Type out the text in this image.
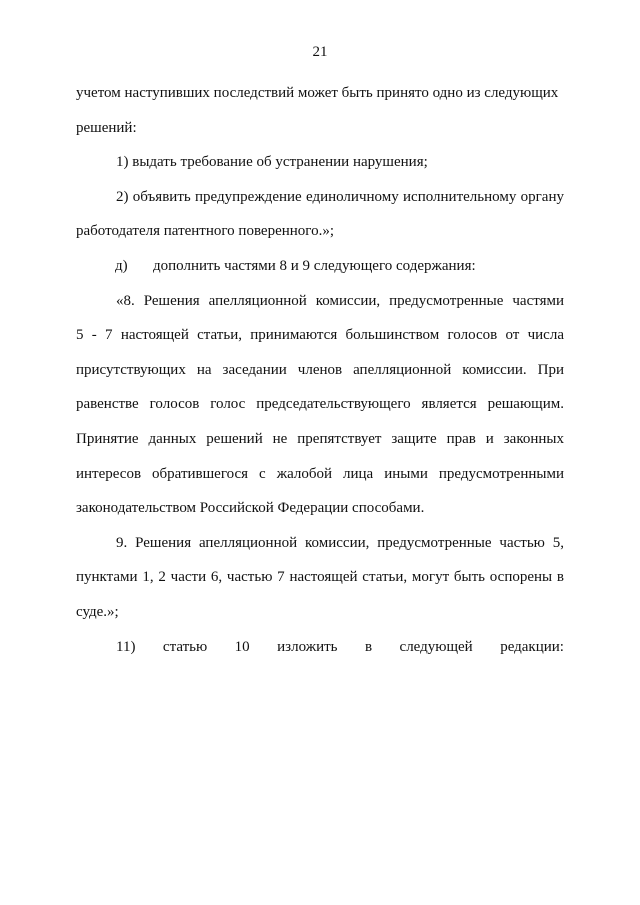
21
учетом наступивших последствий может быть принято одно из следующих
решений:
1) выдать требование об устранении нарушения;
2) объявить предупреждение единоличному исполнительному органу
работодателя патентного поверенного.»;
д)	дополнить частями 8 и 9 следующего содержания:
«8. Решения апелляционной комиссии, предусмотренные частями
5 - 7 настоящей статьи, принимаются большинством голосов от числа
присутствующих на заседании членов апелляционной комиссии. При
равенстве голосов голос председательствующего является решающим.
Принятие данных решений не препятствует защите прав и законных
интересов обратившегося с жалобой лица иными предусмотренными
законодательством Российской Федерации способами.
9. Решения апелляционной комиссии, предусмотренные частью 5,
пунктами 1, 2 части 6, частью 7 настоящей статьи, могут быть оспорены в
суде.»;
11) статью 10 изложить в следующей редакции:
